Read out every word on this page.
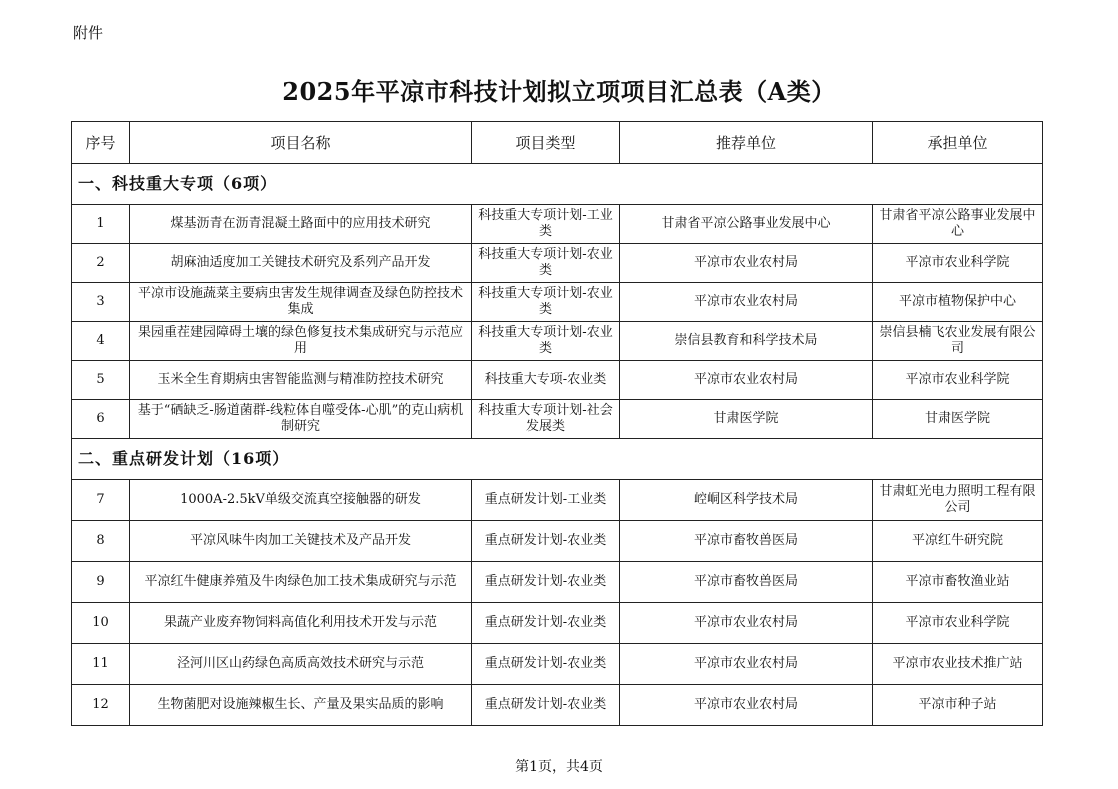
附件
2025年平凉市科技计划拟立项项目汇总表（A类）
序号	项目名称	项目类型	推荐单位	承担单位
一、科技重大专项（6项）				
1	煤基沥青在沥青混凝土路面中的应用技术研究	科技重大专项计划-工业类	甘肃省平凉公路事业发展中心	甘肃省平凉公路事业发展中心
2	胡麻油适度加工关键技术研究及系列产品开发	科技重大专项计划-农业类	平凉市农业农村局	平凉市农业科学院
3	平凉市设施蔬菜主要病虫害发生规律调查及绿色防控技术集成	科技重大专项计划-农业类	平凉市农业农村局	平凉市植物保护中心
4	果园重茬建园障碍土壤的绿色修复技术集成研究与示范应用	科技重大专项计划-农业类	崇信县教育和科学技术局	崇信县楠飞农业发展有限公司
5	玉米全生育期病虫害智能监测与精准防控技术研究	科技重大专项-农业类	平凉市农业农村局	平凉市农业科学院
6	基于“硒缺乏-肠道菌群-线粒体自噬受体-心肌”的克山病机制研究	科技重大专项计划-社会发展类	甘肃医学院	甘肃医学院
二、重点研发计划（16项）				
7	1000A-2.5kV单级交流真空接触器的研发	重点研发计划-工业类	崆峒区科学技术局	甘肃虹光电力照明工程有限公司
8	平凉风味牛肉加工关键技术及产品开发	重点研发计划-农业类	平凉市畜牧兽医局	平凉红牛研究院
9	平凉红牛健康养殖及牛肉绿色加工技术集成研究与示范	重点研发计划-农业类	平凉市畜牧兽医局	平凉市畜牧渔业站
10	果蔬产业废弃物饲料高值化利用技术开发与示范	重点研发计划-农业类	平凉市农业农村局	平凉市农业科学院
11	泾河川区山药绿色高质高效技术研究与示范	重点研发计划-农业类	平凉市农业农村局	平凉市农业技术推广站
12	生物菌肥对设施辣椒生长、产量及果实品质的影响	重点研发计划-农业类	平凉市农业农村局	平凉市种子站
第1页，共4页
